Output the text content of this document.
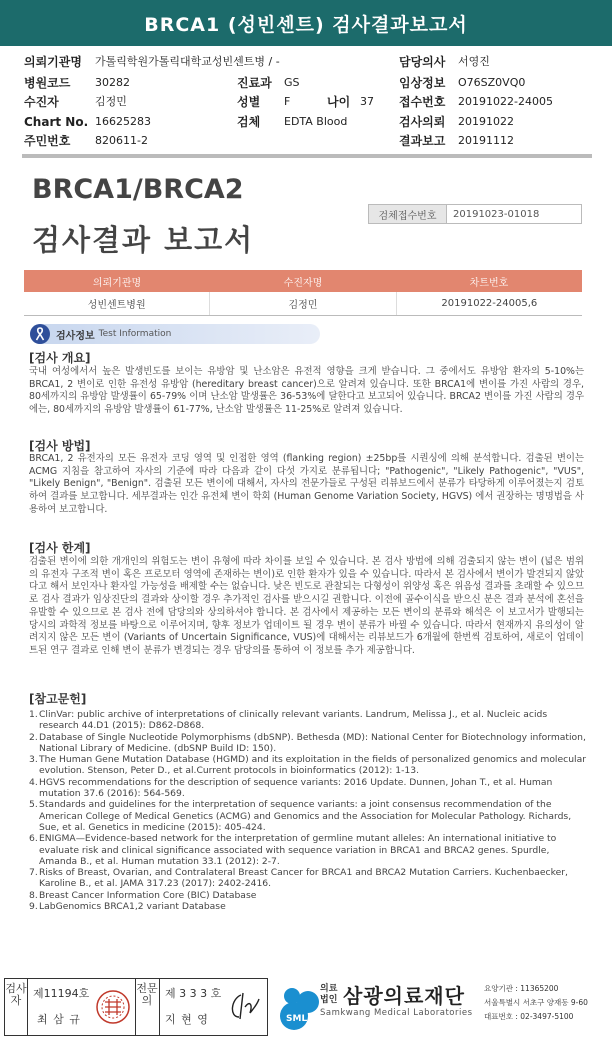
BRCA1 (성빈센트) 검사결과보고서
의뢰기관명 가톨릭학원가톨릭대학교성빈센트병 / -	담당의사 서영진
병원코드 30282	진료과 GS	임상정보 O76SZ0VQ0
수진자	김정민	성별 F	나이 37 접수번호 20191022-24005
Chart No. 16625283	검체 EDTA Blood	검사의뢰 20191022
주민번호 820611-2	결과보고 20191112
BRCA1/BRCA2
검사결과 보고서
검체접수번호	20191023-01018
의뢰기관명	수진자명	차트번호
성빈센트병원	김정민	20191022-24005,6
검사정보 Test Information
[검사 개요]
국내 여성에서서 높은 발생빈도를 보이는 유방암 및 난소암은 유전적 영향을 크게 받습니다. 그 중에서도 유방암 환자의 5-10%는 BRCA1, 2 변이로 인한 유전성 유방암 (hereditary breast cancer)으로 알려져 있습니다. 또한 BRCA1에 변이를 가진 사람의 경우, 80세까지의 유방암 발생률이 65-79% 이며 난소암 발생률은 36-53%에 달한다고 보고되어 있습니다. BRCA2 변이를 가진 사람의 경우에는, 80세까지의 유방암 발생률이 61-77%, 난소암 발생률은 11-25%로 알려져 있습니다.
[검사 방법]
BRCA1, 2 유전자의 모든 유전자 코딩 영역 및 인접한 영역 (flanking region) ±25bp를 시퀀싱에 의해 분석합니다. 검출된 변이는 ACMG 지침을 참고하여 자사의 기준에 따라 다음과 같이 다섯 가지로 분류됩니다; "Pathogenic", "Likely Pathogenic", "VUS", "Likely Benign", "Benign". 검출된 모든 변이에 대해서, 자사의 전문가들로 구성된 리뷰보드에서 분류가 타당하게 이루어졌는지 검토하여 결과를 보고합니다. 세부결과는 인간 유전체 변이 학회 (Human Genome Variation Society, HGVS) 에서 권장하는 명명법을 사용하여 보고합니다.
[검사 한계]
검출된 변이에 의한 개개인의 위험도는 변이 유형에 따라 차이를 보일 수 있습니다. 본 검사 방법에 의해 검출되지 않는 변이 (넓은 범위의 유전자 구조적 변이 혹은 프로모터 영역에 존재하는 변이)로 인한 환자가 있을 수 있습니다. 따라서 본 검사에서 변이가 발견되지 않았다고 해서 보인자나 환자일 가능성을 배제할 수는 없습니다. 낮은 빈도로 관찰되는 다형성이 위양성 혹은 위음성 결과를 초래할 수 있으므로 검사 결과가 임상진단의 결과와 상이할 경우 추가적인 검사를 받으시길 권합니다. 이전에 골수이식을 받으신 분은 결과 분석에 혼선을 유발할 수 있으므로 본 검사 전에 담당의와 상의하셔야 합니다. 본 검사에서 제공하는 모든 변이의 분류와 해석은 이 보고서가 발행되는 당시의 과학적 정보를 바탕으로 이루어지며, 향후 정보가 업데이트 될 경우 변이 분류가 바뀔 수 있습니다. 따라서 현재까지 유의성이 알려지지 않은 모든 변이 (Variants of Uncertain Significance, VUS)에 대해서는 리뷰보드가 6개월에 한번씩 검토하여, 새로이 업데이트된 연구 결과로 인해 변이 분류가 변경되는 경우 담당의를 통하여 이 정보를 추가 제공합니다.
[참고문헌]
1. ClinVar: public archive of interpretations of clinically relevant variants. Landrum, Melissa J., et al. Nucleic acids research 44.D1 (2015): D862-D868.
2. Database of Single Nucleotide Polymorphisms (dbSNP). Bethesda (MD): National Center for Biotechnology information, National Library of Medicine. (dbSNP Build ID: 150).
3. The Human Gene Mutation Database (HGMD) and its exploitation in the fields of personalized genomics and molecular evolution. Stenson, Peter D., et al.Current protocols in bioinformatics (2012): 1-13.
4. HGVS recommendations for the description of sequence variants: 2016 Update. Dunnen, Johan T., et al. Human mutation 37.6 (2016): 564-569.
5. Standards and guidelines for the interpretation of sequence variants: a joint consensus recommendation of the American College of Medical Genetics (ACMG) and Genomics and the Association for Molecular Pathology. Richards, Sue, et al. Genetics in medicine (2015): 405-424.
6. ENIGMA—Evidence-based network for the interpretation of germline mutant alleles: An international initiative to evaluate risk and clinical significance associated with sequence variation in BRCA1 and BRCA2 genes. Spurdle, Amanda B., et al. Human mutation 33.1 (2012): 2-7.
7. Risks of Breast, Ovarian, and Contralateral Breast Cancer for BRCA1 and BRCA2 Mutation Carriers. Kuchenbaecker, Karoline B., et al. JAMA 317.23 (2017): 2402-2416.
8. Breast Cancer Information Core (BIC) Database
9. LabGenomics BRCA1,2 variant Database
검사자
제11194호
최 삼 규
전문의
제 3 3 3 호
지 현 영	SML
의료
법인 삼광의료재단
Samkwang Medical Laboratories
요양기관 : 11365200
서울특별시 서초구 양재동 9-60
대표번호 : 02-3497-5100
